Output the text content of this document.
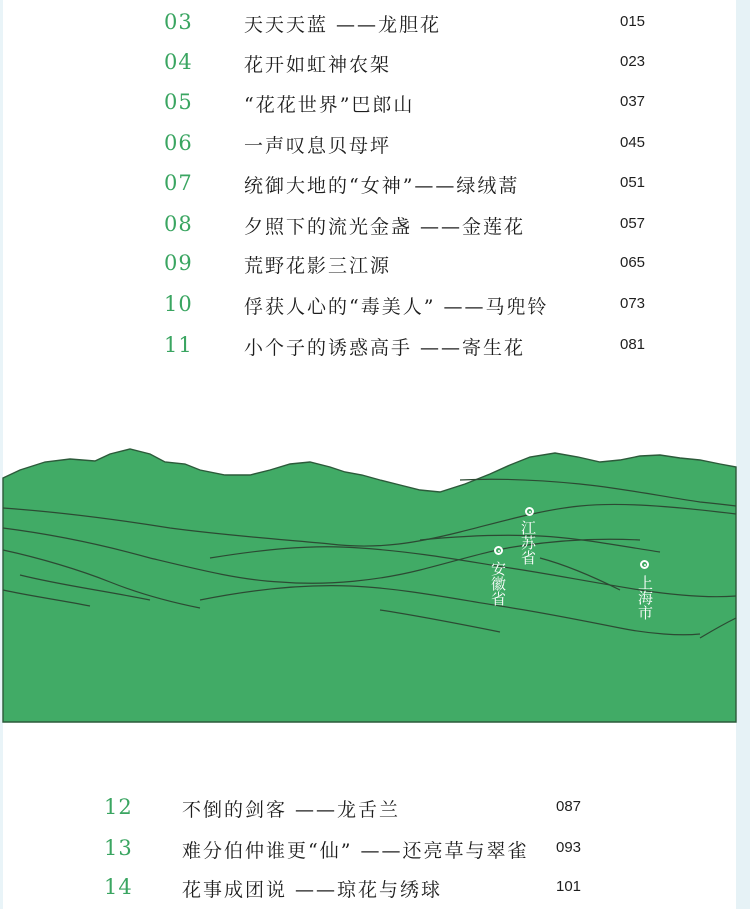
03	天天天蓝 ——龙胆花	015
04	花开如虹神农架	023
05	“花花世界”巴郎山	037
06	一声叹息贝母坪	045
07	统御大地的“女神”——绿绒蒿	051
08	夕照下的流光金盏 ——金莲花	057
09	荒野花影三江源	065
10	俘获人心的“毒美人” ——马兜铃	073
11	小个子的诱惑高手 ——寄生花	081
江苏省
安徽省	上海市
12	不倒的剑客 ——龙舌兰	087
13	难分伯仲谁更“仙” ——还亮草与翠雀 093
14	花事成团说 ——琼花与绣球	101
